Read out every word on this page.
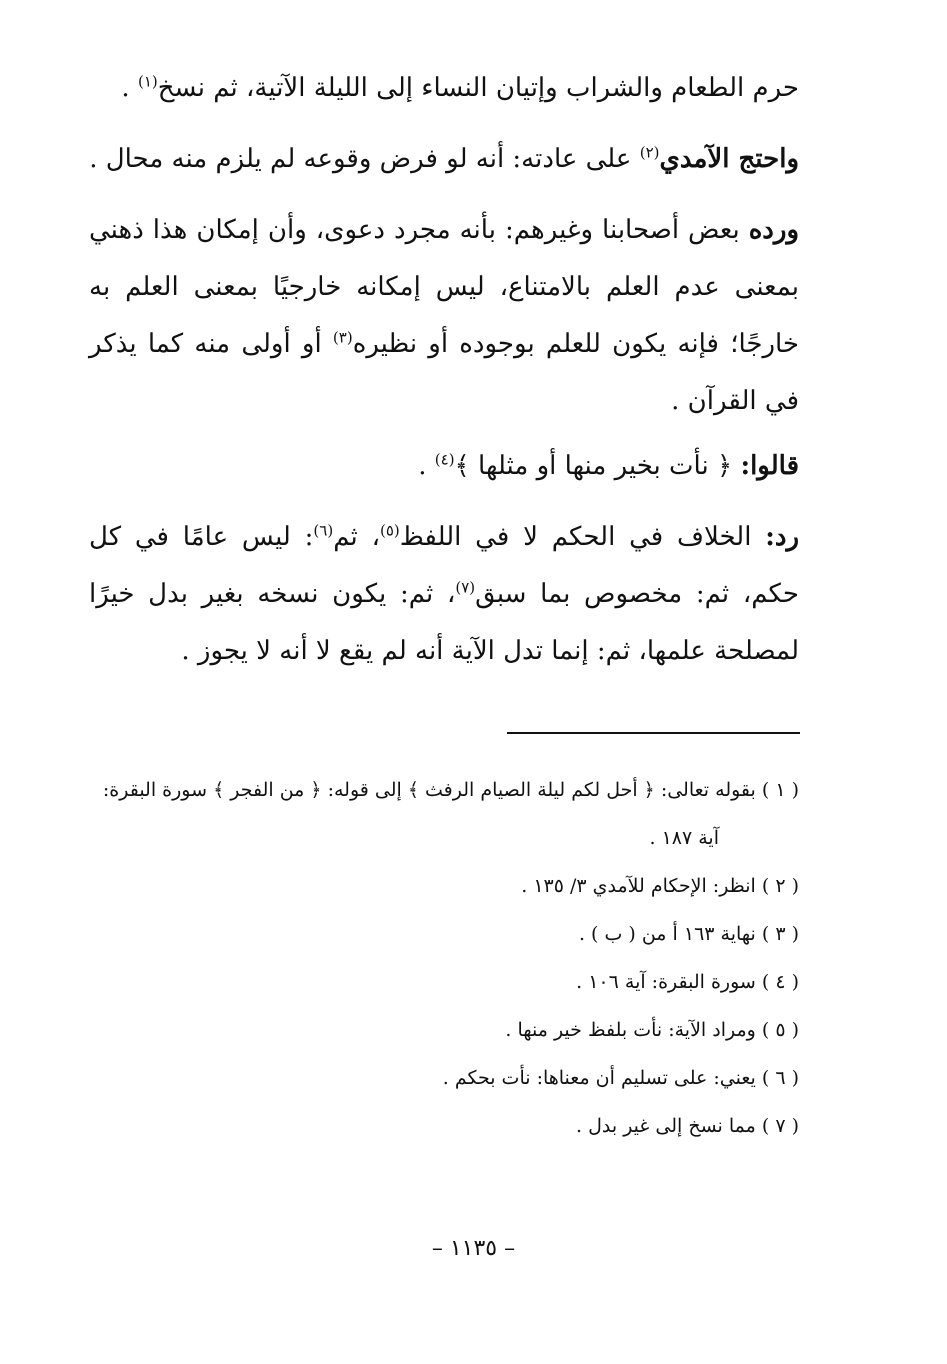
حرم الطعام والشراب وإتيان النساء إلى الليلة الآتية، ثم نسخ$^{(١)}$ .

واحتج الآمدي$^{(٢)}$ على عادته: أنه لو فرض وقوعه لم يلزم منه محال .

ورده بعض أصحابنا وغيرهم: بأنه مجرد دعوى، وأن إمكان هذا ذهني بمعنى عدم العلم بالامتناع، ليس إمكانه خارجيًا بمعنى العلم به خارجًا؛ فإنه يكون للعلم بوجوده أو نظيره$^{(٣)}$ أو أولى منه كما يذكر في القرآن .

قالوا: ﴿ نأت بخير منها أو مثلها ﴾$^{(٤)}$ .

رد: الخلاف في الحكم لا في اللفظ$^{(٥)}$، ثم$^{(٦)}$: ليس عامًا في كل حكم، ثم: مخصوص بما سبق$^{(٧)}$، ثم: يكون نسخه بغير بدل خيرًا لمصلحة علمها، ثم: إنما تدل الآية أنه لم يقع لا أنه لا يجوز .

( ١ ) بقوله تعالى: ﴿ أحل لكم ليلة الصيام الرفث ﴾ إلى قوله: ﴿ من الفجر ﴾ سورة البقرة:

آية ١٨٧ .

( ٢ ) انظر: الإحكام للآمدي ٣/ ١٣٥ .

( ٣ ) نهاية ١٦٣ أ من ( ب ) .

( ٤ ) سورة البقرة: آية ١٠٦ .

( ٥ ) ومراد الآية: نأت بلفظ خير منها .

( ٦ ) يعني: على تسليم أن معناها: نأت بحكم .

( ٧ ) مما نسخ إلى غير بدل .

– ١١٣٥ –
